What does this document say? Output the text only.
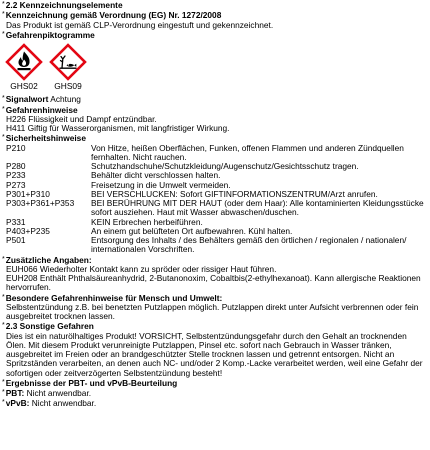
*2.2 Kennzeichnungselemente
*Kennzeichnung gemäß Verordnung (EG) Nr. 1272/2008
Das Produkt ist gemäß CLP-Verordnung eingestuft und gekennzeichnet.
*Gefahrenpiktogramme
GHS02 GHS09
*Signalwort Achtung
*Gefahrenhinweise
H226 Flüssigkeit und Dampf entzündbar.
H411 Giftig für Wasserorganismen, mit langfristiger Wirkung.
*Sicherheitshinweise
P210	Von Hitze, heißen Oberflächen, Funken, offenen Flammen und anderen Zündquellen fernhalten. Nicht rauchen.
P280	Schutzhandschuhe/Schutzkleidung/Augenschutz/Gesichtsschutz tragen.
P233	Behälter dicht verschlossen halten.
P273	Freisetzung in die Umwelt vermeiden.
P301+P310	BEI VERSCHLUCKEN: Sofort GIFTINFORMATIONSZENTRUM/Arzt anrufen.
P303+P361+P353	BEI BERÜHRUNG MIT DER HAUT (oder dem Haar): Alle kontaminierten Kleidungsstücke sofort ausziehen. Haut mit Wasser abwaschen/duschen.
P331	KEIN Erbrechen herbeiführen.
P403+P235	An einem gut belüfteten Ort aufbewahren. Kühl halten.
P501	Entsorgung des Inhalts / des Behälters gemäß den örtlichen / regionalen / nationalen/ internationalen Vorschriften.
*Zusätzliche Angaben:
EUH066 Wiederholter Kontakt kann zu spröder oder rissiger Haut führen.
EUH208 Enthält Phthalsäureanhydrid, 2-Butanonoxim, Cobaltbis(2-ethylhexanoat). Kann allergische Reaktionen hervorrufen.
*Besondere Gefahrenhinweise für Mensch und Umwelt:
Selbstentzündung z.B. bei benetzten Putzlappen möglich. Putzlappen direkt unter Aufsicht verbrennen oder fein ausgebreitet trocknen lassen.
*2.3 Sonstige Gefahren
Dies ist ein naturölhaltiges Produkt! VORSICHT, Selbstentzündungsgefahr durch den Gehalt an trocknenden Ölen. Mit diesem Produkt verunreinigte Putzlappen, Pinsel etc. sofort nach Gebrauch in Wasser tränken, ausgebreitet im Freien oder an brandgeschützter Stelle trocknen lassen und getrennt entsorgen. Nicht an Spritzständen verarbeiten, an denen auch NC- und/oder 2 Komp.-Lacke verarbeitet werden, weil eine Gefahr der sofortigen oder zeitverzögerten Selbstentzündung besteht!
*Ergebnisse der PBT- und vPvB-Beurteilung
*PBT: Nicht anwendbar.
*vPvB: Nicht anwendbar.
